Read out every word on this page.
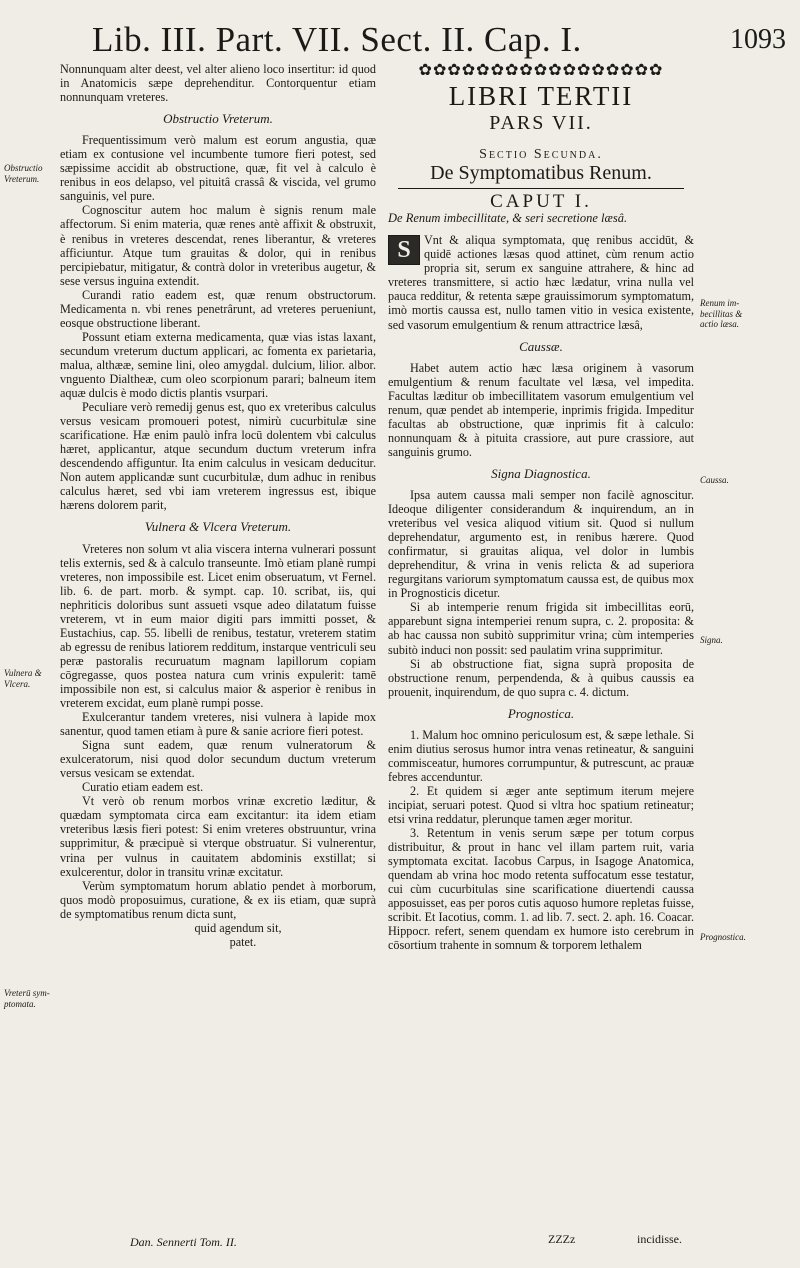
Lib. III. Part. VII. Sect. II. Cap. I.	1093

Nonnunquam alter deest, vel alter alieno loco insertitur: id quod in Anatomicis sæpe deprehenditur. Contorquentur etiam nonnunquam vreteres.

Obstructio Vreterum.

Frequentissimum verò malum est eorum angustia, quæ etiam ex contusione vel incumbente tumore fieri potest, sed sæpissime accidit ab obstructione, quæ, fit vel à calculo è renibus in eos delapso, vel pituitâ crassâ & viscida, vel grumo sanguinis, vel pure.

Cognoscitur autem hoc malum è signis renum male affectorum. Si enim materia, quæ renes antè affixit & obstruxit, è renibus in vreteres descendat, renes liberantur, & vreteres afficiuntur. Atque tum grauitas & dolor, qui in renibus percipiebatur, mitigatur, & contrà dolor in vreteribus augetur, & sese versus inguina extendit.

Curandi ratio eadem est, quæ renum obstructorum. Medicamenta n. vbi renes penetrârunt, ad vreteres perueniunt, eosque obstructione liberant.

Possunt etiam externa medicamenta, quæ vias istas laxant, secundum vreterum ductum applicari, ac fomenta ex parietaria, malua, althææ, semine lini, oleo amygdal. dulcium, lilior. albor. vnguento Dialtheæ, cum oleo scorpionum parari; balneum item aquæ dulcis è modo dictis plantis vsurpari.

Peculiare verò remedij genus est, quo ex vreteribus calculus versus vesicam promoueri potest, nimirù cucurbitulæ sine scarificatione. Hæ enim paulò infra locū dolentem vbi calculus hæret, applicantur, atque secundum ductum vreterum infra descendendo affiguntur. Ita enim calculus in vesicam deducitur. Non autem applicandæ sunt cucurbitulæ, dum adhuc in renibus calculus hæret, sed vbi iam vreterem ingressus est, ibique hærens dolorem parit,

Vulnera & Vlcera Vreterum.

Vreteres non solum vt alia viscera interna vulnerari possunt telis externis, sed & à calculo transeunte. Imò etiam planè rumpi vreteres, non impossibile est. Licet enim obseruatum, vt Fernel. lib. 6. de part. morb. & sympt. cap. 10. scribat, iis, qui nephriticis doloribus sunt assueti vsque adeo dilatatum fuisse vreterem, vt in eum maior digiti pars immitti posset, & Eustachius, cap. 55. libelli de renibus, testatur, vreterem statim ab egressu de renibus latiorem redditum, instarque ventriculi seu peræ pastoralis recuruatum magnam lapillorum copiam cōgregasse, quos postea natura cum vrinis expulerit: tamē impossibile non est, si calculus maior & asperior è renibus in vreterem excidat, eum planè rumpi posse.

Exulcerantur tandem vreteres, nisi vulnera à lapide mox sanentur, quod tamen etiam à pure & sanie acriore fieri potest.

Signa sunt eadem, quæ renum vulneratorum & exulceratorum, nisi quod dolor secundum ductum vreterum versus vesicam se extendat.

Curatio etiam eadem est.

Vt verò ob renum morbos vrinæ excretio læditur, & quædam symptomata circa eam excitantur: ita idem etiam vreteribus læsis fieri potest: Si enim vreteres obstruuntur, vrina supprimitur, & præcipuè si vterque obstruatur. Si vulnerentur, vrina per vulnus in cauitatem abdominis exstillat; si exulcerentur, dolor in transitu vrinæ excitatur.

Verùm symptomatum horum ablatio pendet à morborum, quos modò proposuimus, curatione, & ex iis etiam, quæ suprà de symptomatibus renum dicta sunt,

quid agendum sit,
patet.
✿✿✿✿✿✿✿✿✿✿✿✿✿✿✿✿✿
LIBRI TERTII
PARS VII.
Sectio Secunda.
De Symptomatibus Renum.
CAPUT I.
De Renum imbecillitate, & seri secretione læsâ.

S	Vnt & aliqua symptomata, quę renibus accidūt, & quidē actiones læsas quod attinet, cùm renum actio propria sit, serum ex sanguine attrahere, & hinc ad vreteres transmittere, si actio hæc lædatur, vrina nulla vel pauca redditur, & retenta sæpe grauissimorum symptomatum, imò mortis caussa est, nullo tamen vitio in vesica existente, sed vasorum emulgentium & renum attractrice læsâ,

Caussæ.

Habet autem actio hæc læsa originem à vasorum emulgentium & renum facultate vel læsa, vel impedita. Facultas læditur ob imbecillitatem vasorum emulgentium vel renum, quæ pendet ab intemperie, inprimis frigida. Impeditur facultas ab obstructione, quæ inprimis fit à calculo: nonnunquam & à pituita crassiore, aut pure crassiore, aut sanguinis grumo.

Signa Diagnostica.

Ipsa autem caussa mali semper non facilè agnoscitur. Ideoque diligenter considerandum & inquirendum, an in vreteribus vel vesica aliquod vitium sit. Quod si nullum deprehendatur, argumento est, in renibus hærere. Quod confirmatur, si grauitas aliqua, vel dolor in lumbis deprehenditur, & vrina in venis relicta & ad superiora regurgitans variorum symptomatum caussa est, de quibus mox in Prognosticis dicetur.

Si ab intemperie renum frigida sit imbecillitas eorū, apparebunt signa intemperiei renum supra, c. 2. proposita: & ab hac caussa non subitò supprimitur vrina; cùm intemperies subitò induci non possit: sed paulatim vrina supprimitur.

Si ab obstructione fiat, signa suprà proposita de obstructione renum, perpendenda, & à quibus caussis ea prouenit, inquirendum, de quo supra c. 4. dictum.

Prognostica.

1. Malum hoc omnino periculosum est, & sæpe lethale. Si enim diutius serosus humor intra venas retineatur, & sanguini commisceatur, humores corrumpuntur, & putrescunt, ac prauæ febres accenduntur.

2. Et quidem si æger ante septimum iterum mejere incipiat, seruari potest. Quod si vltra hoc spatium retineatur; etsi vrina reddatur, plerunque tamen æger moritur.

3. Retentum in venis serum sæpe per totum corpus distribuitur, & prout in hanc vel illam partem ruit, varia symptomata excitat. Iacobus Carpus, in Isagoge Anatomica, quendam ab vrina hoc modo retenta suffocatum esse testatur, cui cùm cucurbitulas sine scarificatione diuertendi caussa apposuisset, eas per poros cutis aquoso humore repletas fuisse, scribit. Et Iacotius, comm. 1. ad lib. 7. sect. 2. aph. 16. Coacar. Hippocr. refert, senem quendam ex humore isto cerebrum in cōsortium trahente in somnum & torporem lethalem

Obstructio
Vreterum.
Vulnera &
Vlcera.
Vreterū sym-
ptomata.
Renum im-
becillitas &
actio læsa.
Caussa.
Signa.
Prognostica.
Dan. Sennerti Tom. II.	ZZZz	incidisse.
